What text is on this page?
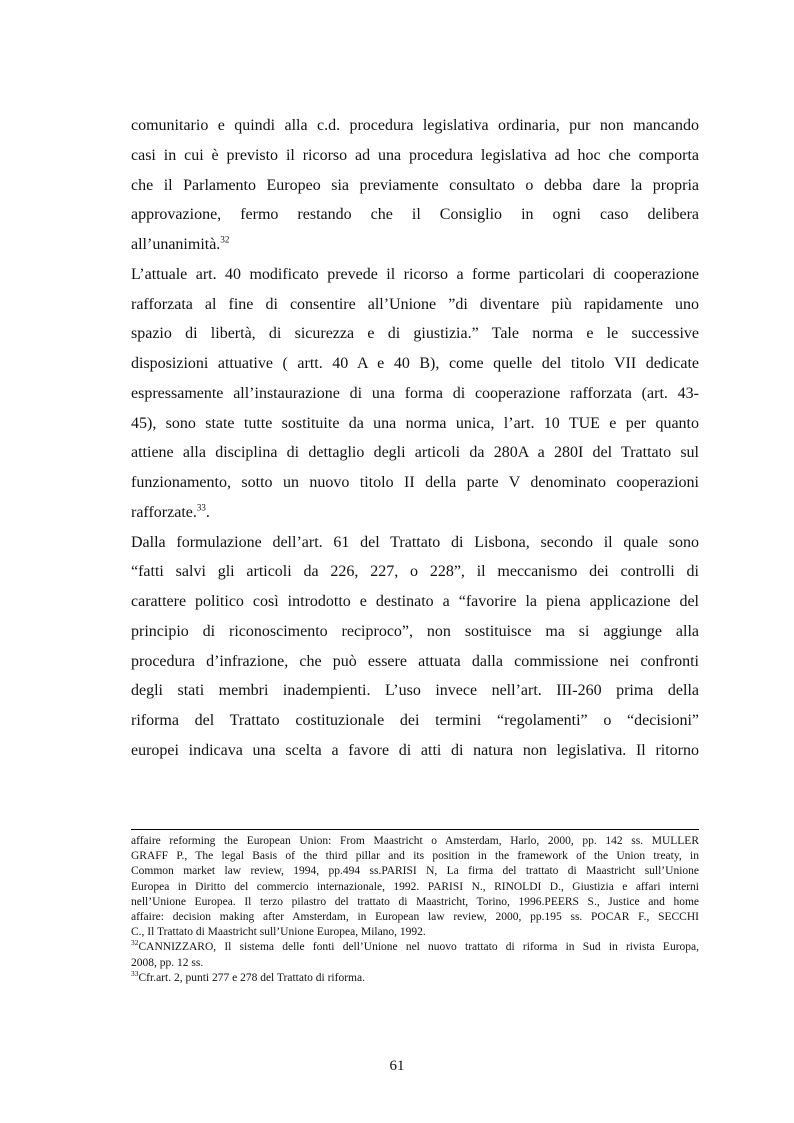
comunitario e quindi alla c.d. procedura legislativa ordinaria, pur non mancando

casi in cui è previsto il ricorso ad una procedura legislativa ad hoc che comporta

che il Parlamento Europeo sia previamente consultato o debba dare la propria

approvazione, fermo restando che il Consiglio in ogni caso delibera

all’unanimità.$^{32}$

L’attuale art. 40 modificato prevede il ricorso a forme particolari di cooperazione

rafforzata al fine di consentire all’Unione ”di diventare più rapidamente uno

spazio di libertà, di sicurezza e di giustizia.” Tale norma e le successive

disposizioni attuative ( artt. 40 A e 40 B), come quelle del titolo VII dedicate

espressamente all’instaurazione di una forma di cooperazione rafforzata (art. 43-

45), sono state tutte sostituite da una norma unica, l’art. 10 TUE e per quanto

attiene alla disciplina di dettaglio degli articoli da 280A a 280I del Trattato sul

funzionamento, sotto un nuovo titolo II della parte V denominato cooperazioni

rafforzate.$^{33}$.

Dalla formulazione dell’art. 61 del Trattato di Lisbona, secondo il quale sono

“fatti salvi gli articoli da 226, 227, o 228”, il meccanismo dei controlli di

carattere politico così introdotto e destinato a “favorire la piena applicazione del

principio di riconoscimento reciproco”, non sostituisce ma si aggiunge alla

procedura d’infrazione, che può essere attuata dalla commissione nei confronti

degli stati membri inadempienti. L’uso invece nell’art. III-260 prima della

riforma del Trattato costituzionale dei termini “regolamenti” o “decisioni”

europei indicava una scelta a favore di atti di natura non legislativa. Il ritorno

affaire reforming the European Union: From Maastricht o Amsterdam, Harlo, 2000, pp. 142 ss. MULLER

GRAFF P., The legal Basis of the third pillar and its position in the framework of the Union treaty, in

Common market law review, 1994, pp.494 ss.PARISI N, La firma del trattato di Maastricht sull’Unione

Europea in Diritto del commercio internazionale, 1992. PARISI N., RINOLDI D., Giustizia e affari interni

nell’Unione Europea. Il terzo pilastro del trattato di Maastricht, Torino, 1996.PEERS S., Justice and home

affaire: decision making after Amsterdam, in European law review, 2000, pp.195 ss. POCAR F., SECCHI

C., Il Trattato di Maastricht sull’Unione Europea, Milano, 1992.

$^{32}$CANNIZZARO, Il sistema delle fonti dell’Unione nel nuovo trattato di riforma in Sud in rivista Europa,

2008, pp. 12 ss.

$^{33}$Cfr.art. 2, punti 277 e 278 del Trattato di riforma.

61
